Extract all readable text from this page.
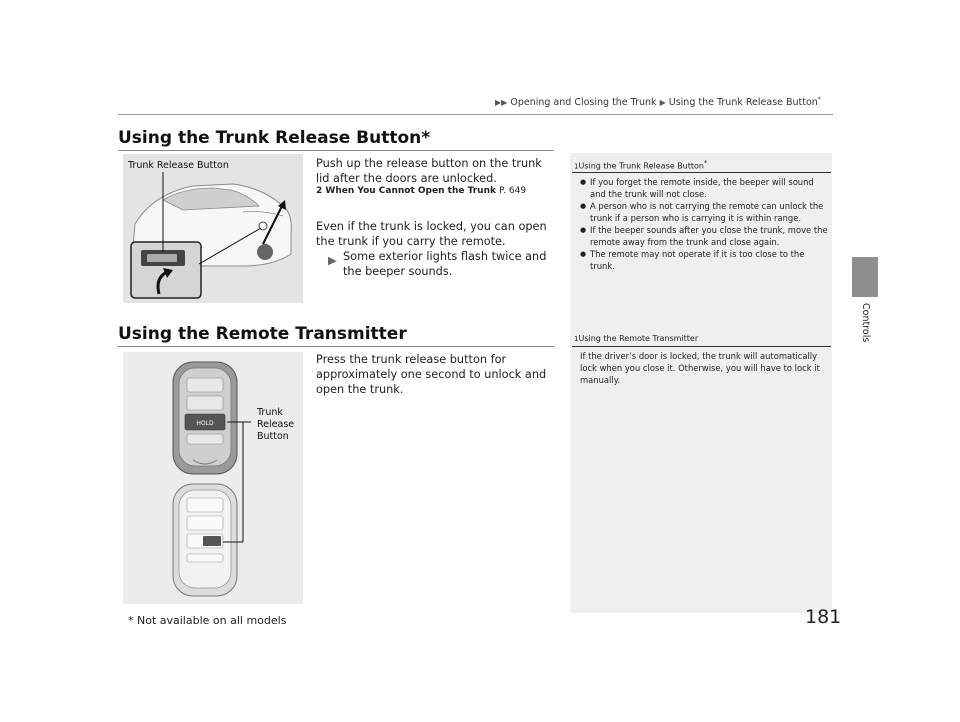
▶▶ Opening and Closing the Trunk ▶ Using the Trunk Release Button*
Using the Trunk Release Button*
Trunk Release Button	Push up the release button on the trunk lid after the doors are unlocked.
2 When You Cannot Open the Trunk P. 649
Even if the trunk is locked, you can open the trunk if you carry the remote.
▶ Some exterior lights flash twice and the beeper sounds.
Using the Remote Transmitter
HOLD
Trunk
Release
Button
Press the trunk release button for approximately one second to unlock and open the trunk.
1Using the Trunk Release Button*
● If you forget the remote inside, the beeper will sound and the trunk will not close.
● A person who is not carrying the remote can unlock the trunk if a person who is carrying it is within range.
● If the beeper sounds after you close the trunk, move the remote away from the trunk and close again.
● The remote may not operate if it is too close to the trunk.
1Using the Remote Transmitter
If the driver’s door is locked, the trunk will automatically lock when you close it. Otherwise, you will have to lock it manually.
Controls
* Not available on all models	181
